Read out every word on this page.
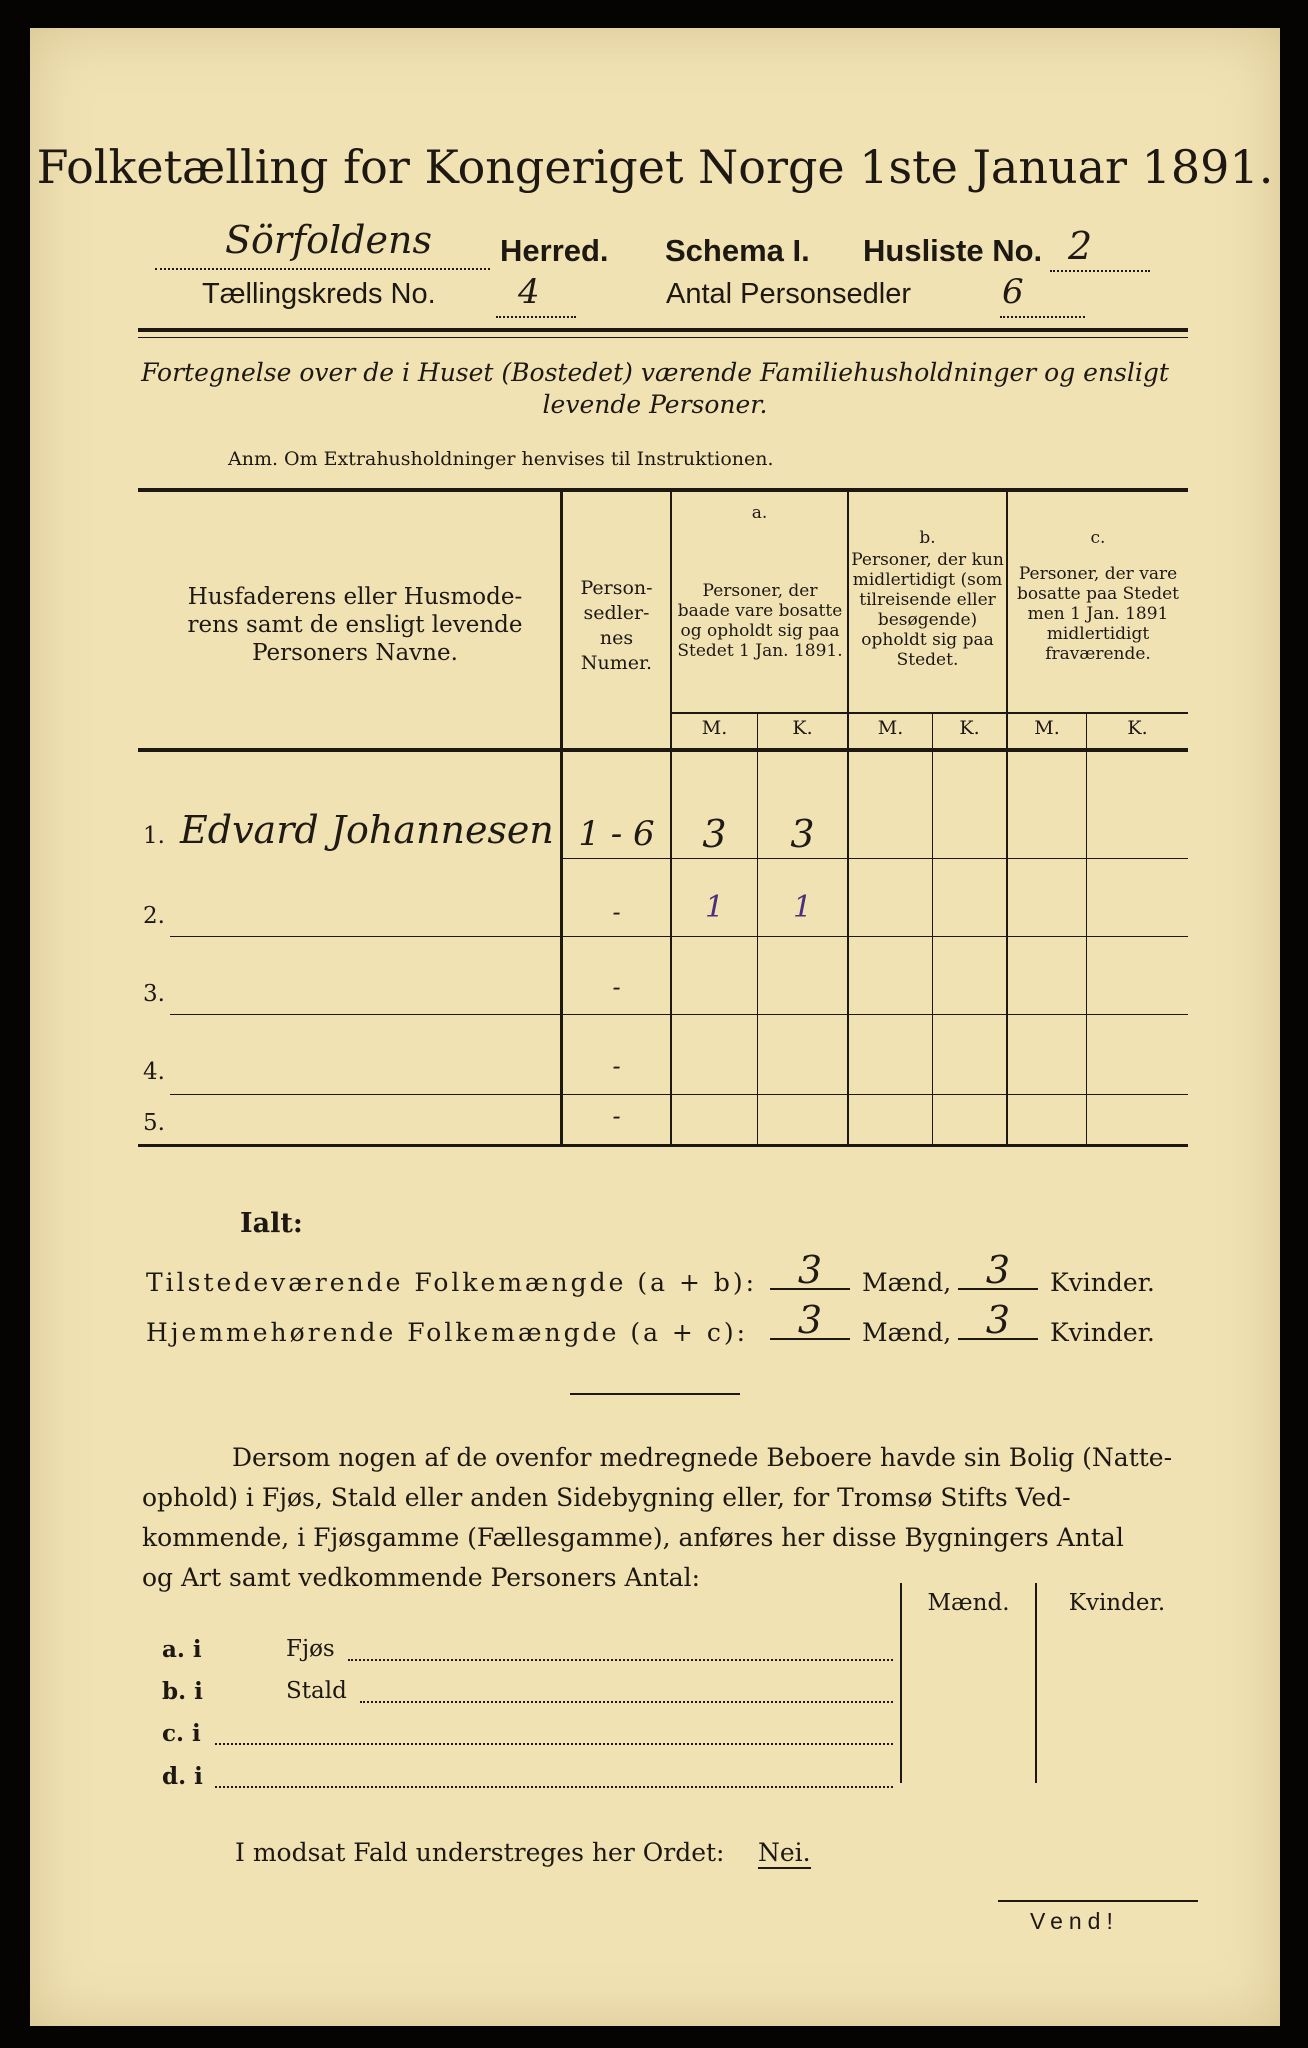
Folketælling for Kongeriget Norge 1ste Januar 1891.
Sörfoldens Herred. Schema I. Husliste No. 2
Tællingskreds No. 4	Antal Personsedler	6
Fortegnelse over de i Huset (Bostedet) værende Familiehusholdninger og ensligt
levende Personer.
Anm. Om Extrahusholdninger henvises til Instruktionen.
Husfaderens eller Husmode-
rens samt de ensligt levende
Personers Navne.
Person-
sedler-
nes
Numer.
a.
Personer, der baade vare bosatte og opholdt sig paa Stedet 1 Jan. 1891.
b.
Personer, der kun midlertidigt (som tilreisende eller besøgende) opholdt sig paa Stedet.
c.
Personer, der vare bosatte paa Stedet men 1 Jan. 1891 midlertidigt fraværende.
M.	K.	M.	K.	M.	K.
1. Edvard Johannesen 1 - 6	3	3
2.	-	1	1
3.	-
4.	-
5.	-
Ialt:
Tilstedeværende Folkemængde (a + b):	3	Mænd, 3	Kvinder.
Hjemmehørende Folkemængde (a + c):	3	Mænd, 3	Kvinder.
Dersom nogen af de ovenfor medregnede Beboere havde sin Bolig (Natte-
ophold) i Fjøs, Stald eller anden Sidebygning eller, for Tromsø Stifts Ved-
kommende, i Fjøsgamme (Fællesgamme), anføres her disse Bygningers Antal
og Art samt vedkommende Personers Antal:
Mænd.	Kvinder.
a. i	Fjøs
b. i	Stald
c. i
d. i
I modsat Fald understreges her Ordet: Nei.
Vend!
